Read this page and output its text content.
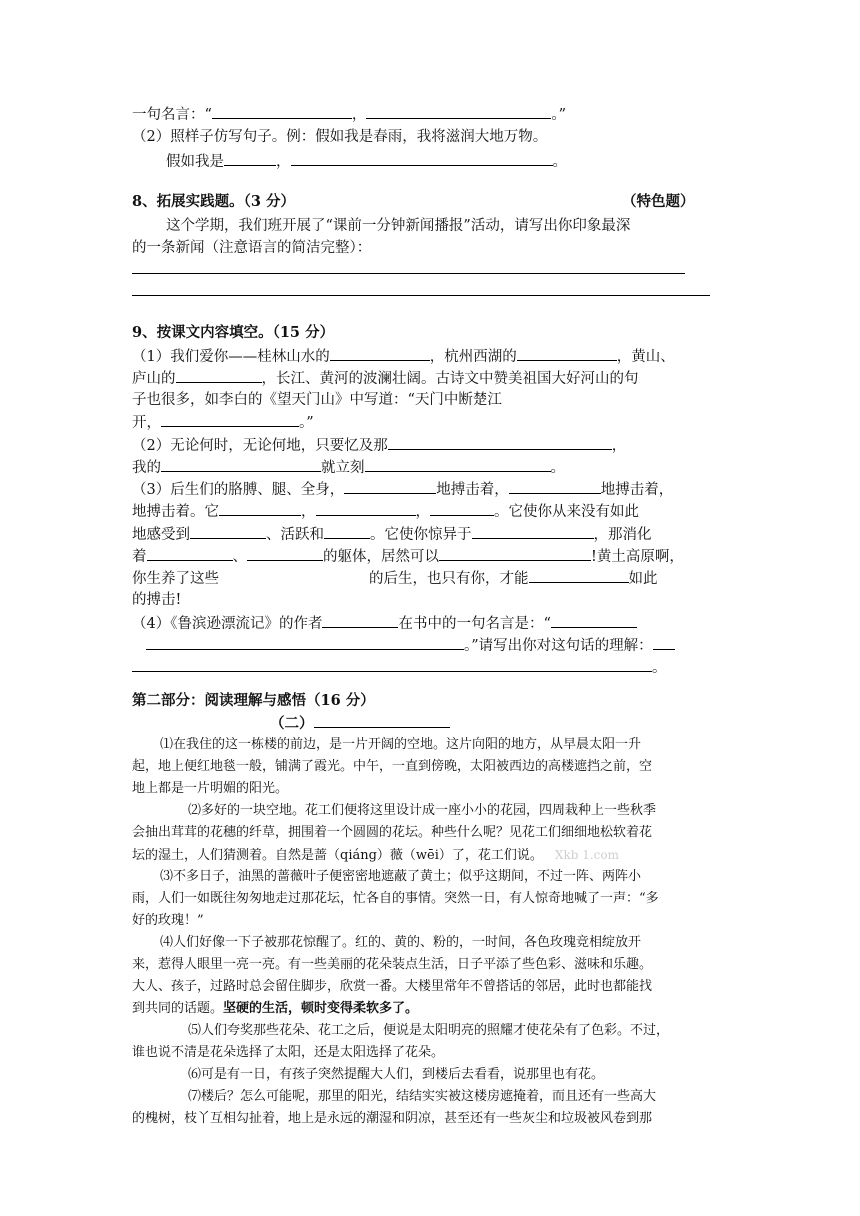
一句名言：“	，	。”
（2）照样子仿写句子。例：假如我是春雨，我将滋润大地万物。
假如我是	，	。
8、拓展实践题。（3 分）	（特色题）
这个学期，我们班开展了“课前一分钟新闻播报”活动，请写出你印象最深
的一条新闻（注意语言的简洁完整）：
9、按课文内容填空。（15 分）
（1）我们爱你——桂林山水的	，杭州西湖的	，黄山、
庐山的	，长江、黄河的波澜壮阔。古诗文中赞美祖国大好河山的句
子也很多，如李白的《望天门山》中写道：“天门中断楚江
开，	。”
（2）无论何时，无论何地，只要忆及那	，
我的	就立刻	。
（3）后生们的胳膊、腿、全身，	地搏击着，	地搏击着，
地搏击着。它	，	，	。它使你从来没有如此
地感受到	、活跃和	。它使你惊异于	，那消化
着	、	的躯体，居然可以	!黄土高原啊，
你生养了这些	的后生，也只有你，才能	如此
的搏击!
（4）《鲁滨逊漂流记》的作者	在书中的一句名言是：“
。”请写出你对这句话的理解：
。
第二部分：阅读理解与感悟（16 分）
（二）
⑴在我住的这一栋楼的前边，是一片开阔的空地。这片向阳的地方，从早晨太阳一升
起，地上便红地毯一般，铺满了霞光。中午，一直到傍晚，太阳被西边的高楼遮挡之前，空
地上都是一片明媚的阳光。
⑵多好的一块空地。花工们便将这里设计成一座小小的花园，四周栽种上一些秋季
会抽出茸茸的花穗的纤草，拥围着一个圆圆的花坛。种些什么呢？见花工们细细地松软着花
坛的湿土，人们猜测着。自然是蔷（qiáng）薇（wēi）了，花工们说。 Xkb 1.com
⑶不多日子，油黑的蔷薇叶子便密密地遮蔽了黄土；似乎这期间，不过一阵、两阵小
雨，人们一如既往匆匆地走过那花坛，忙各自的事情。突然一日，有人惊奇地喊了一声：“多
好的玫瑰！”
⑷人们好像一下子被那花惊醒了。红的、黄的、粉的，一时间，各色玫瑰竞相绽放开
来，惹得人眼里一亮一亮。有一些美丽的花朵装点生活，日子平添了些色彩、滋味和乐趣。
大人、孩子，过路时总会留住脚步，欣赏一番。大楼里常年不曾搭话的邻居，此时也都能找
到共同的话题。坚硬的生活，顿时变得柔软多了。
⑸人们夸奖那些花朵、花工之后，便说是太阳明亮的照耀才使花朵有了色彩。不过，
谁也说不清是花朵选择了太阳，还是太阳选择了花朵。
⑹可是有一日，有孩子突然提醒大人们，到楼后去看看，说那里也有花。
⑺楼后？怎么可能呢，那里的阳光，结结实实被这楼房遮掩着，而且还有一些高大
的槐树，枝丫互相勾扯着，地上是永远的潮湿和阴凉，甚至还有一些灰尘和垃圾被风卷到那
